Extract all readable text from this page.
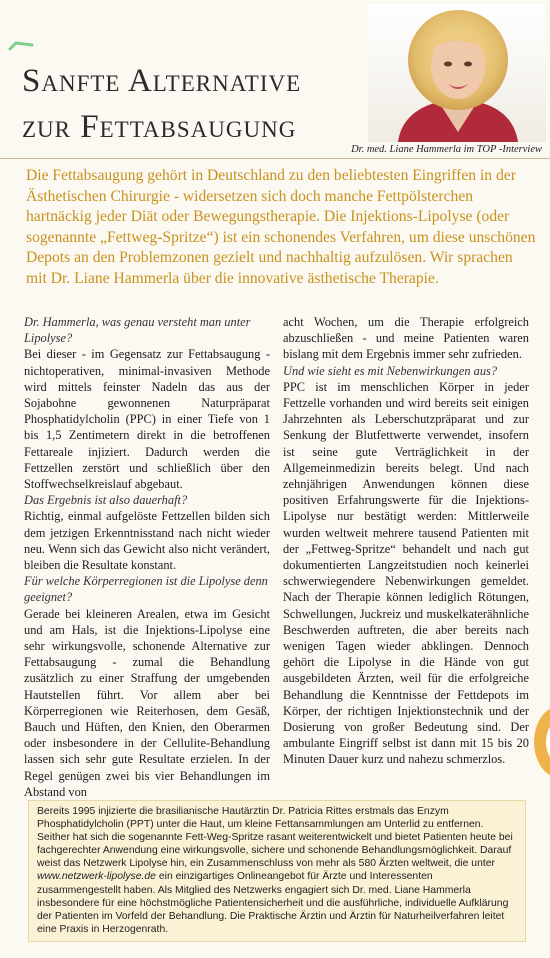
Sanfte Alternative
zur Fettabsaugung
Dr. med. Liane Hammerla im TOP -Interview

Die Fettabsaugung gehört in Deutschland zu den beliebtesten Eingriffen in der Ästhetischen Chirurgie - widersetzen sich doch manche Fettpölsterchen hartnäckig jeder Diät oder Bewegungstherapie. Die Injektions-Lipolyse (oder sogenannte „Fettweg-Spritze“) ist ein schonendes Verfahren, um diese unschönen Depots an den Problemzonen gezielt und nachhaltig aufzulösen. Wir sprachen mit Dr. Liane Hammerla über die innovative ästhetische Therapie.

Dr. Hammerla, was genau versteht man unter Lipolyse?

Bei dieser - im Gegensatz zur Fettabsaugung - nichtoperativen, minimal-invasiven Methode wird mittels feinster Nadeln das aus der Sojabohne gewonnenen Naturpräparat Phosphatidylcholin (PPC) in einer Tiefe von 1 bis 1,5 Zentimetern direkt in die betroffenen Fettareale injiziert. Dadurch werden die Fettzellen zerstört und schließlich über den Stoffwechselkreislauf abgebaut.

Das Ergebnis ist also dauerhaft?

Richtig, einmal aufgelöste Fettzellen bilden sich dem jetzigen Erkenntnisstand nach nicht wieder neu. Wenn sich das Gewicht also nicht verändert, bleiben die Resultate konstant.

Für welche Körperregionen ist die Lipolyse denn geeignet?

Gerade bei kleineren Arealen, etwa im Gesicht und am Hals, ist die Injektions-Lipolyse eine sehr wirkungsvolle, schonende Alternative zur Fettabsaugung - zumal die Behandlung zusätzlich zu einer Straffung der umgebenden Hautstellen führt. Vor allem aber bei Körperregionen wie Reiterhosen, dem Gesäß, Bauch und Hüften, den Knien, den Oberarmen oder insbesondere in der Cellulite-Behandlung lassen sich sehr gute Resultate erzielen. In der Regel genügen zwei bis vier Behandlungen im Abstand von

acht Wochen, um die Therapie erfolgreich abzuschließen - und meine Patienten waren bislang mit dem Ergebnis immer sehr zufrieden.

Und wie sieht es mit Nebenwirkungen aus?

PPC ist im menschlichen Körper in jeder Fettzelle vorhanden und wird bereits seit einigen Jahrzehnten als Leberschutzpräparat und zur Senkung der Blutfettwerte verwendet, insofern ist seine gute Verträglichkeit in der Allgemeinmedizin bereits belegt. Und nach zehnjährigen Anwendungen können diese positiven Erfahrungswerte für die Injektions-Lipolyse nur bestätigt werden: Mittlerweile wurden weltweit mehrere tausend Patienten mit der „Fettweg-Spritze“ behandelt und nach gut dokumentierten Langzeitstudien noch keinerlei schwerwiegendere Nebenwirkungen gemeldet. Nach der Therapie können lediglich Rötungen, Schwellungen, Juckreiz und muskelkaterähnliche Beschwerden auftreten, die aber bereits nach wenigen Tagen wieder abklingen. Dennoch gehört die Lipolyse in die Hände von gut ausgebildeten Ärzten, weil für die erfolgreiche Behandlung die Kenntnisse der Fettdepots im Körper, der richtigen Injektionstechnik und der Dosierung von großer Bedeutung sind. Der ambulante Eingriff selbst ist dann mit 15 bis 20 Minuten Dauer kurz und nahezu schmerzlos.

Bereits 1995 injizierte die brasilianische Hautärztin Dr. Patricia Rittes erstmals das Enzym Phosphatidylcholin (PPT) unter die Haut, um kleine Fettansammlungen am Unterlid zu entfernen. Seither hat sich die sogenannte Fett-Weg-Spritze rasant weiterentwickelt und bietet Patienten heute bei fachgerechter Anwendung eine wirkungsvolle, sichere und schonende Behandlungsmöglichkeit. Darauf weist das Netzwerk Lipolyse hin, ein Zusammenschluss von mehr als 580 Ärzten weltweit, die unter www.netzwerk-lipolyse.de ein einzigartiges Onlineangebot für Ärzte und Interessenten zusammengestellt haben. Als Mitglied des Netzwerks engagiert sich Dr. med. Liane Hammerla insbesondere für eine höchstmögliche Patientensicherheit und die ausführliche, individuelle Aufklärung der Patienten im Vorfeld der Behandlung. Die Praktische Ärztin und Ärztin für Naturheilverfahren leitet eine Praxis in Herzogenrath.
